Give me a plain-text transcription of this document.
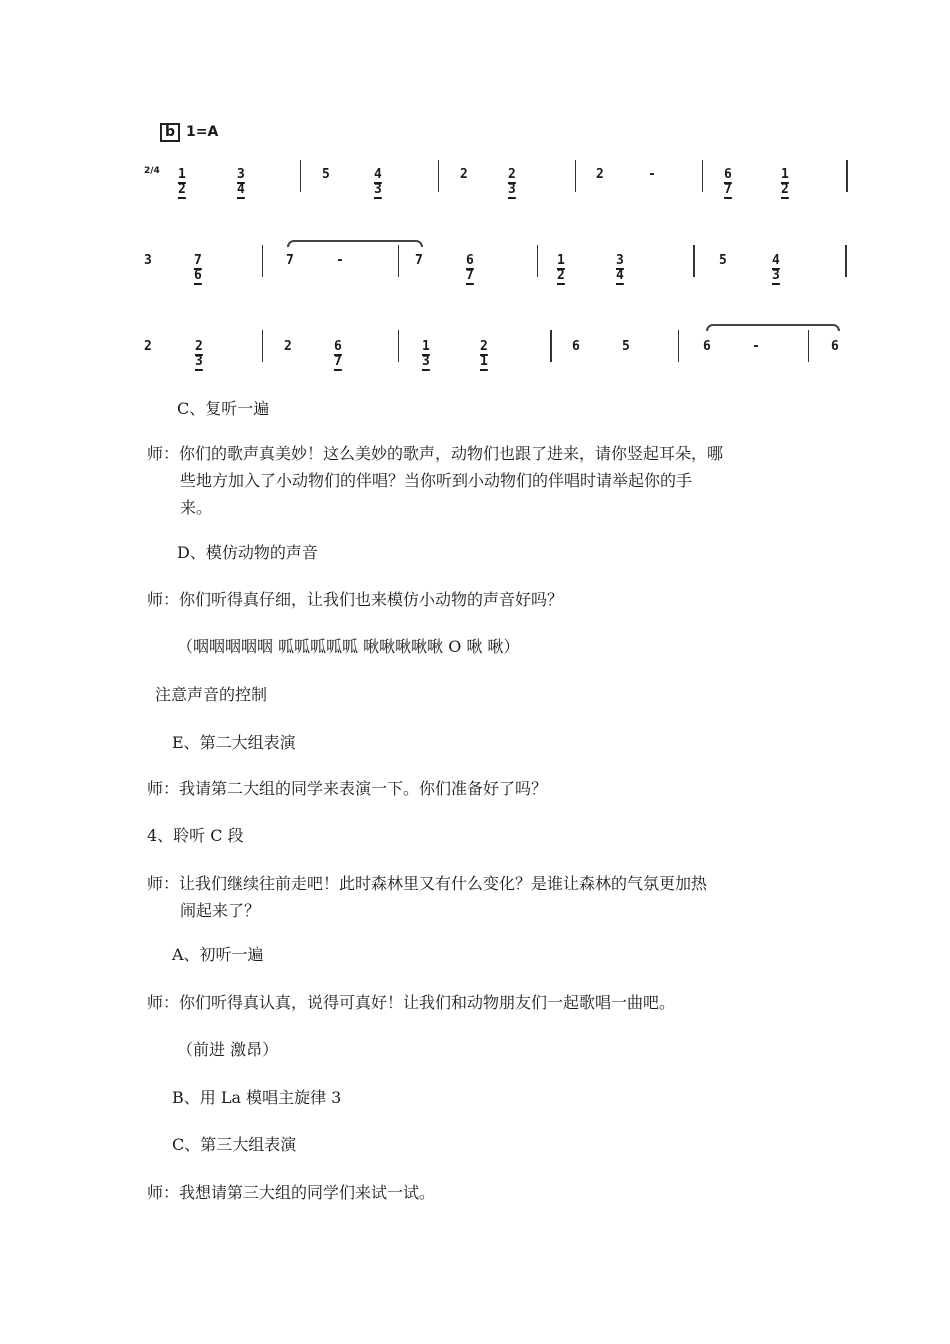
b 1=A
2/4 1 2
3 4
5	4 3
2	2 3
2	-	6 7
1 2
3	7 6
7	-	7	6 7
1 2
3 4
5	4 3
2	2 3
2	6 7
1 3
2 1
6	5	6	-	6
C、复听一遍
师：你们的歌声真美妙！这么美妙的歌声，动物们也跟了进来，请你竖起耳朵，哪
些地方加入了小动物们的伴唱？当你听到小动物们的伴唱时请举起你的手
来。
D、模仿动物的声音
师：你们听得真仔细，让我们也来模仿小动物的声音好吗？
（咽咽咽咽咽 呱呱呱呱呱 啾啾啾啾啾 O 啾 啾）
注意声音的控制
E、第二大组表演
师：我请第二大组的同学来表演一下。你们准备好了吗？
4、聆听 C 段
师：让我们继续往前走吧！此时森林里又有什么变化？是谁让森林的气氛更加热
闹起来了？
A、初听一遍
师：你们听得真认真，说得可真好！让我们和动物朋友们一起歌唱一曲吧。
（前进 激昂）
B、用 La 模唱主旋律 3
C、第三大组表演
师：我想请第三大组的同学们来试一试。
